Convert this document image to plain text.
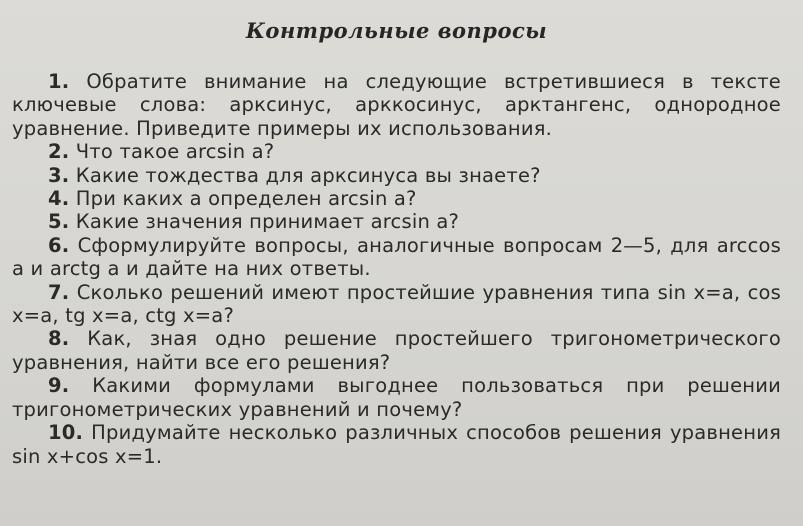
Контрольные вопросы

1. Обратите внимание на следующие встретившиеся в тексте ключевые слова: арксинус, арккосинус, арктангенс, однородное уравнение. Приведите примеры их использования.

2. Что такое arcsin a?

3. Какие тождества для арксинуса вы знаете?

4. При каких a определен arcsin a?

5. Какие значения принимает arcsin a?

6. Сформулируйте вопросы, аналогичные вопросам 2—5, для arccos a и arctg a и дайте на них ответы.

7. Сколько решений имеют простейшие уравнения типа sin x=a, cos x=a, tg x=a, ctg x=a?

8. Как, зная одно решение простейшего тригонометрического уравнения, найти все его решения?

9. Какими формулами выгоднее пользоваться при решении тригонометрических уравнений и почему?

10. Придумайте несколько различных способов решения уравнения sin x+cos x=1.
